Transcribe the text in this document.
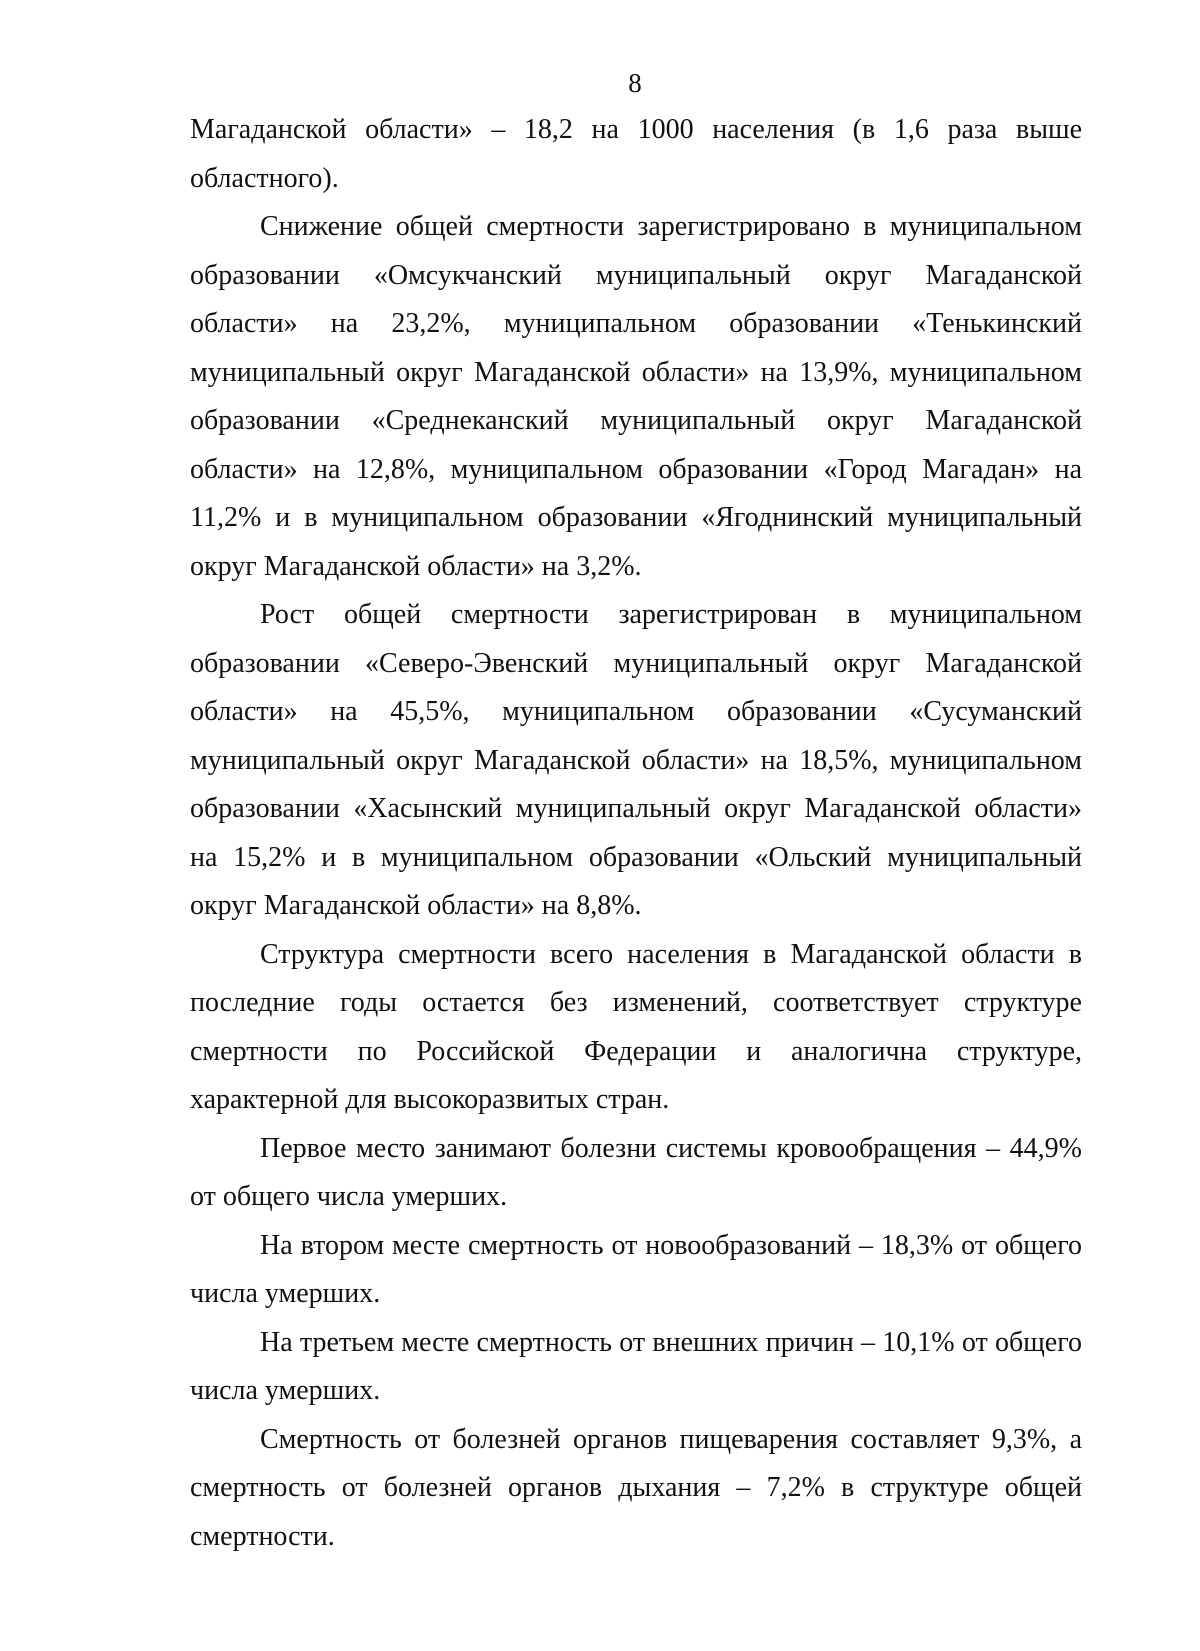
8

Магаданской области» – 18,2 на 1000 населения (в 1,6 раза выше областного).

Снижение общей смертности зарегистрировано в муниципальном образовании «Омсукчанский муниципальный округ Магаданской области» на 23,2%, муниципальном образовании «Тенькинский муниципальный округ Магаданской области» на 13,9%, муниципальном образовании «Среднеканский муниципальный округ Магаданской области» на 12,8%, муниципальном образовании «Город Магадан» на 11,2% и в муниципальном образовании «Ягоднинский муниципальный округ Магаданской области» на 3,2%.

Рост общей смертности зарегистрирован в муниципальном образовании «Северо-Эвенский муниципальный округ Магаданской области» на 45,5%, муниципальном образовании «Сусуманский муниципальный округ Магаданской области» на 18,5%, муниципальном образовании «Хасынский муниципальный округ Магаданской области» на 15,2% и в муниципальном образовании «Ольский муниципальный округ Магаданской области» на 8,8%.

Структура смертности всего населения в Магаданской области в последние годы остается без изменений, соответствует структуре смертности по Российской Федерации и аналогична структуре, характерной для высокоразвитых стран.

Первое место занимают болезни системы кровообращения – 44,9% от общего числа умерших.

На втором месте смертность от новообразований – 18,3% от общего числа умерших.

На третьем месте смертность от внешних причин – 10,1% от общего числа умерших.

Смертность от болезней органов пищеварения составляет 9,3%, а смертность от болезней органов дыхания – 7,2% в структуре общей смертности.
